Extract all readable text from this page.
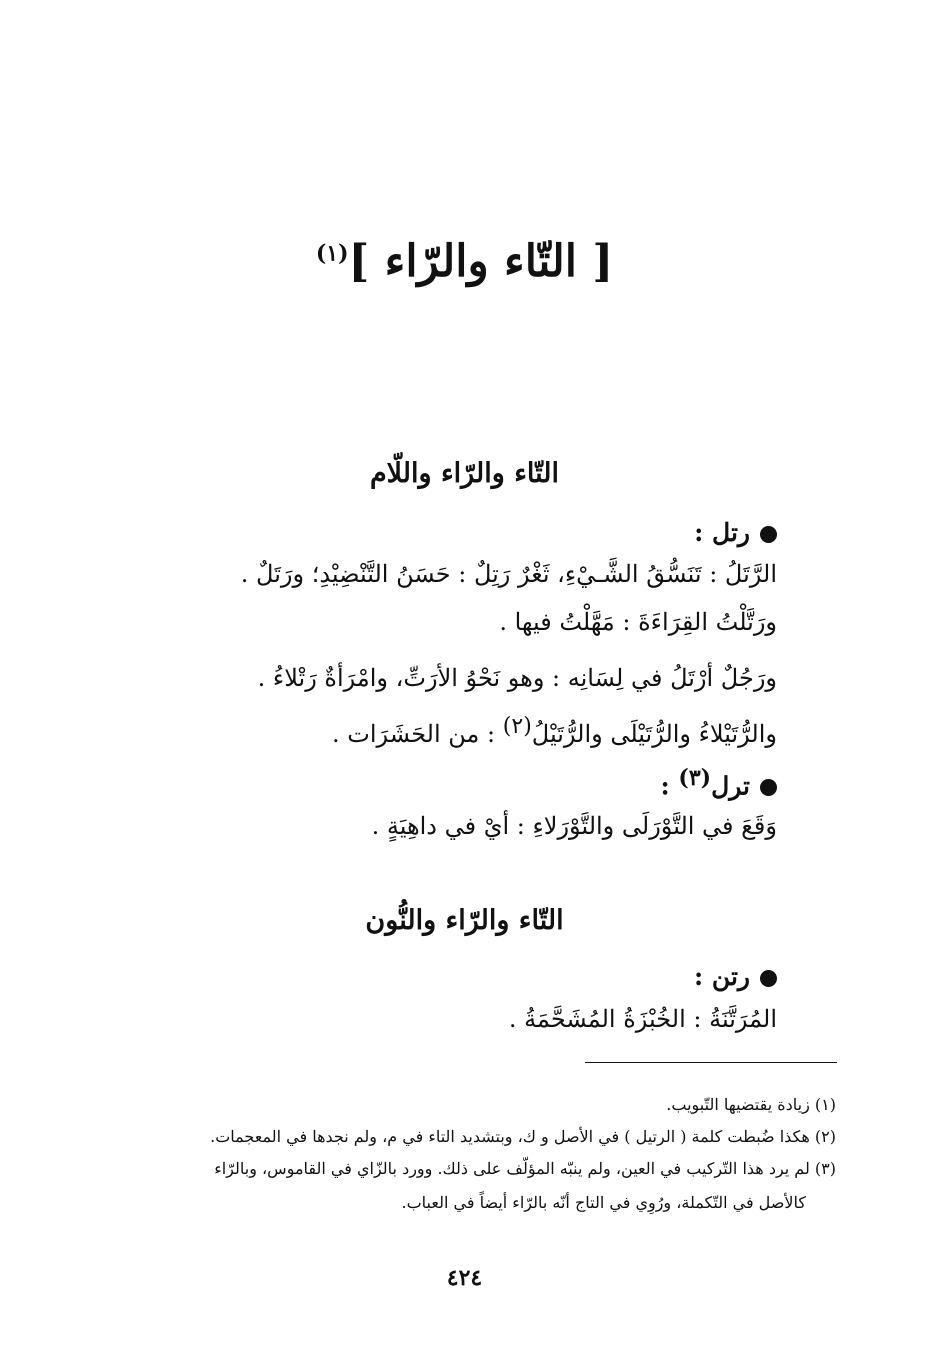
[ التّاء والرّاء ]$^{(١)}$
التّاء والرّاء واللّام
رتل :
الرَّتَلُ : تَنَسُّقُ الشَّـيْءِ، ثَغْرٌ رَتِلٌ : حَسَنُ التَّنْضِيْدِ؛ ورَتَلٌ .
ورَتَّلْتُ القِرَاءَةَ : مَهَّلْتُ فيها .
ورَجُلٌ أرْتَلُ في لِسَانِه : وهو نَحْوُ الأرَتِّ، وامْرَأةٌ رَتْلاءُ .
والرُّتَيْلاءُ والرُّتَيْلَى والرُّتَيْلُ(٢) : من الحَشَرَات .
ترل(٣) :
وَقَعَ في التَّوْرَلَى والتَّوْرَلاءِ : أيْ في داهِيَةٍ .
التّاء والرّاء والنُّون
رتن :
المُرَتَّنَةُ : الخُبْزَةُ المُشَحَّمَةُ .
(١) زيادة يقتضيها التّبويب.
(٢) هكذا ضُبطت كلمة ( الرتيل ) في الأصل و ك، وبتشديد التاء في م، ولم نجدها في المعجمات.
(٣) لم يرد هذا التّركيب في العين، ولم ينبّه المؤلّف على ذلك. وورد بالزّاي في القاموس، وبالرّاء
كالأصل في التّكملة، ورُوِي في التاج أنّه بالرّاء أيضاً في العباب.
٤٢٤
